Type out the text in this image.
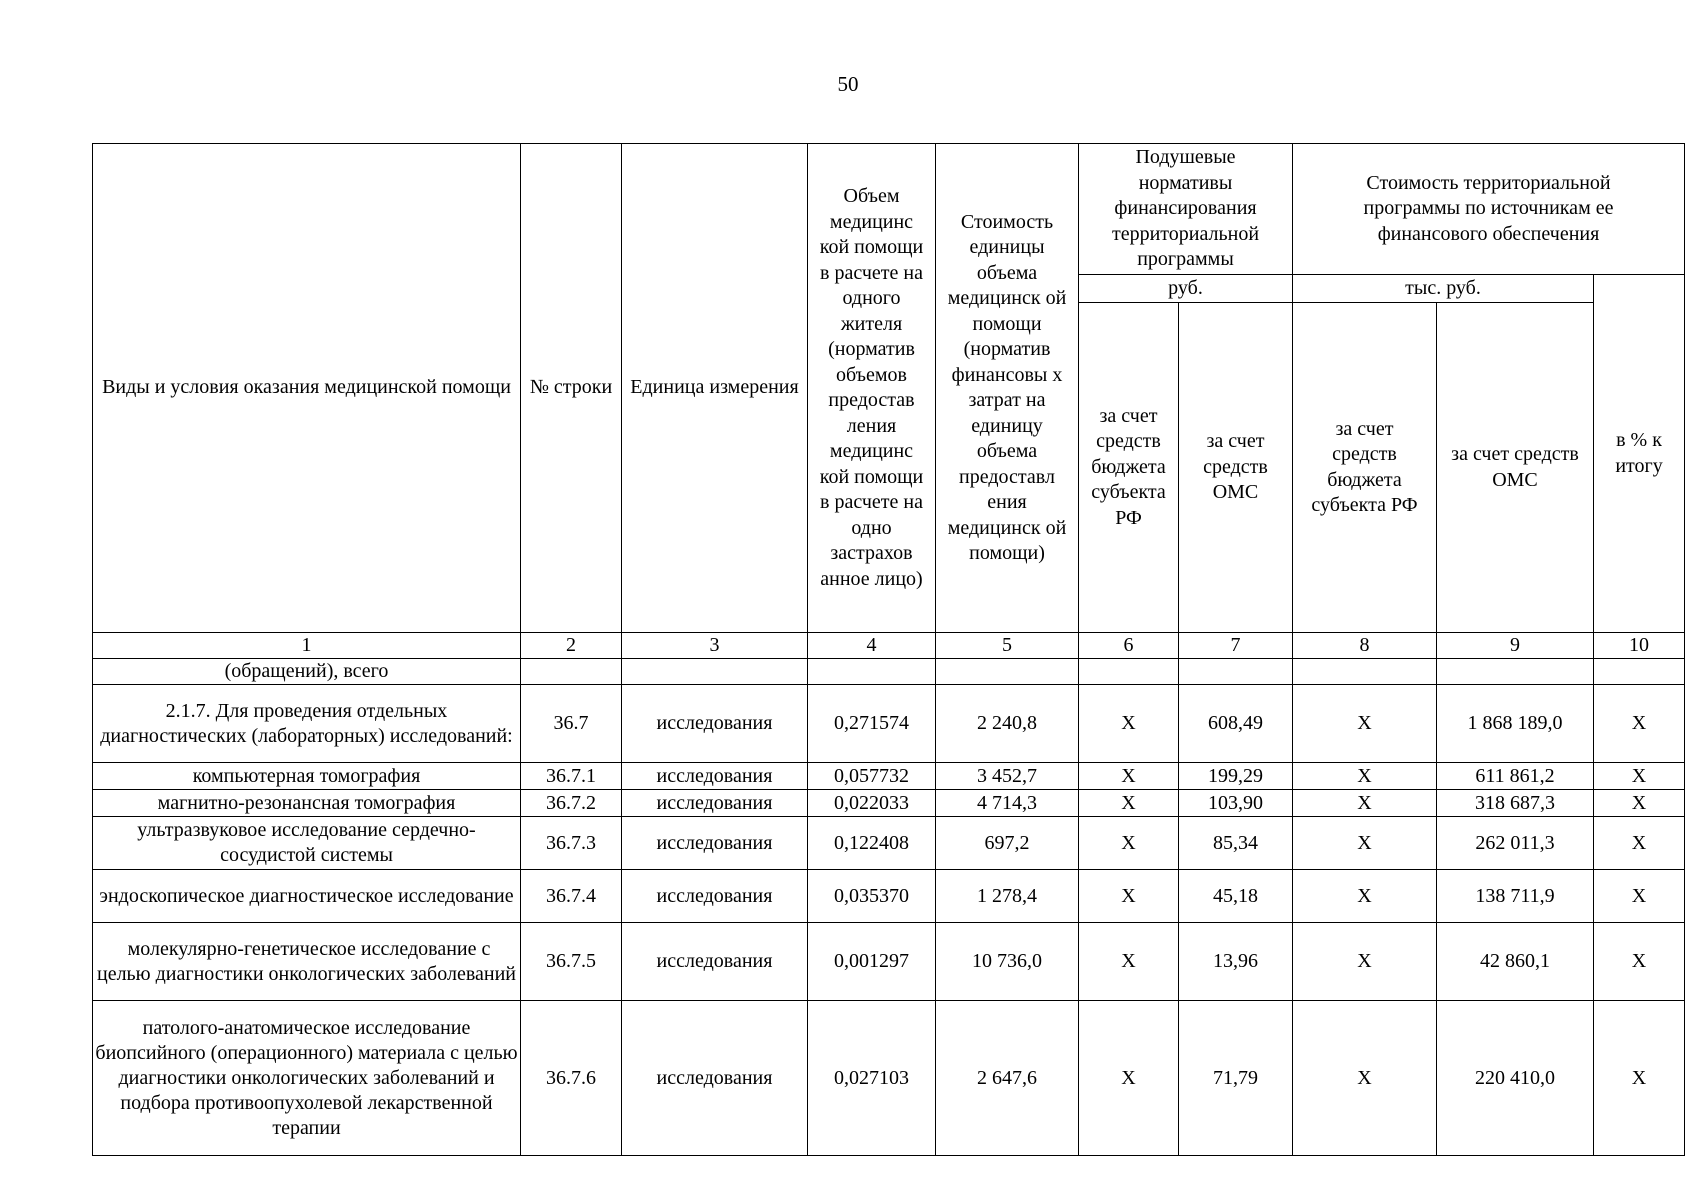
50
Виды и условия оказания медицинской помощи	№ строки	Единица измерения	Объем медицинс кой помощи в расчете на одного жителя (норматив объемов предостав ления медицинс кой помощи в расчете на одно застрахов анное лицо)	Стоимость единицы объема медицинск ой помощи (норматив финансовы х затрат на единицу объема предоставл ения медицинск ой помощи)	Подушевые нормативы финансирования территориальной программы		Стоимость территориальной программы по источникам ее финансового обеспечения		
					руб.		тыс. руб.		в % к итогу
					за счет средств бюджета субъекта РФ	за счет средств ОМС	за счет средств бюджета субъекта РФ	за счет средств ОМС	
1	2	3	4	5	6	7	8	9	10
(обращений), всего									
2.1.7. Для проведения отдельных диагностических (лабораторных) исследований:	36.7	исследования	0,271574	2 240,8	Х	608,49	Х	1 868 189,0	Х
компьютерная томография	36.7.1	исследования	0,057732	3 452,7	Х	199,29	Х	611 861,2	Х
магнитно-резонансная томография	36.7.2	исследования	0,022033	4 714,3	Х	103,90	Х	318 687,3	Х
ультразвуковое исследование сердечно-сосудистой системы	36.7.3	исследования	0,122408	697,2	Х	85,34	Х	262 011,3	Х
эндоскопическое диагностическое исследование	36.7.4	исследования	0,035370	1 278,4	Х	45,18	Х	138 711,9	Х
молекулярно-генетическое исследование с целью диагностики онкологических заболеваний	36.7.5	исследования	0,001297	10 736,0	Х	13,96	Х	42 860,1	Х
патолого-анатомическое исследование биопсийного (операционного) материала с целью диагностики онкологических заболеваний и подбора противоопухолевой лекарственной терапии	36.7.6	исследования	0,027103	2 647,6	Х	71,79	Х	220 410,0	Х
